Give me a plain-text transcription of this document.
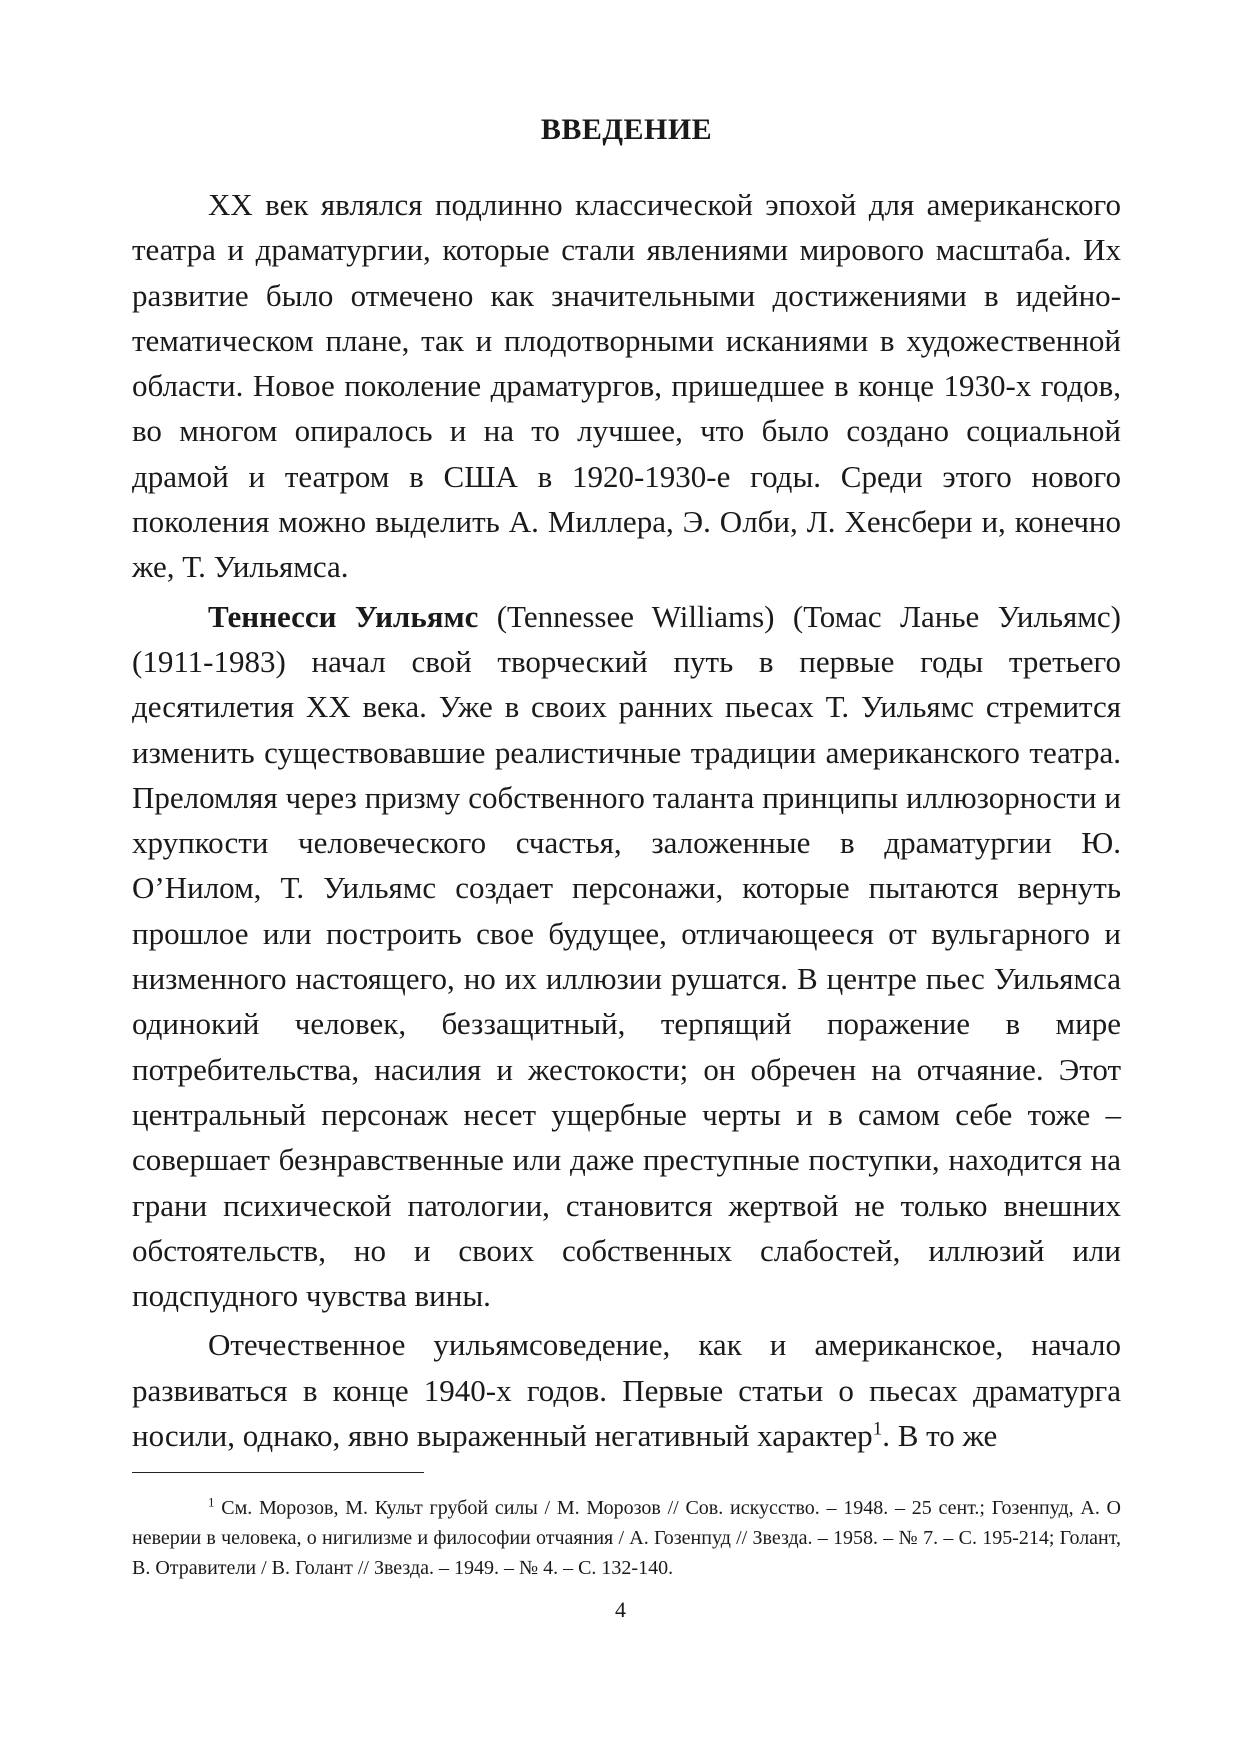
ВВЕДЕНИЕ

XX век являлся подлинно классической эпохой для американского театра и драматургии, которые стали явлениями мирового масштаба. Их развитие было отмечено как значительными достижениями в идейно-тематическом плане, так и плодотворными исканиями в художественной области. Новое поколение драматургов, пришедшее в конце 1930-х годов, во многом опиралось и на то лучшее, что было создано социальной драмой и театром в США в 1920-1930-е годы. Среди этого нового поколения можно выделить А. Миллера, Э. Олби, Л. Хенсбери и, конечно же, Т. Уильямса.

Теннесси Уильямс (Tennessee Williams) (Томас Ланье Уильямс) (1911-1983) начал свой творческий путь в первые годы третьего десятилетия XX века. Уже в своих ранних пьесах Т. Уильямс стремится изменить существовавшие реалистичные традиции американского театра. Преломляя через призму собственного таланта принципы иллюзорности и хрупкости человеческого счастья, заложенные в драматургии Ю. О’Нилом, Т. Уильямс создает персонажи, которые пытаются вернуть прошлое или построить свое будущее, отличающееся от вульгарного и низменного настоящего, но их иллюзии рушатся. В центре пьес Уильямса одинокий человек, беззащитный, терпящий поражение в мире потребительства, насилия и жестокости; он обречен на отчаяние. Этот центральный персонаж несет ущербные черты и в самом себе тоже – совершает безнравственные или даже преступные поступки, находится на грани психической патологии, становится жертвой не только внешних обстоятельств, но и своих собственных слабостей, иллюзий или подспудного чувства вины.

Отечественное уильямсоведение, как и американское, начало развиваться в конце 1940-х годов. Первые статьи о пьесах драматурга носили, однако, явно выраженный негативный характер$^1$. В то же

$^1$ См. Морозов, М. Культ грубой силы / М. Морозов // Сов. искусство. – 1948. – 25 сент.; Гозенпуд, А. О неверии в человека, о нигилизме и философии отчаяния / А. Гозенпуд // Звезда. – 1958. – № 7. – С. 195-214; Голант, В. Отравители / В. Голант // Звезда. – 1949. – № 4. – С. 132-140.

4
